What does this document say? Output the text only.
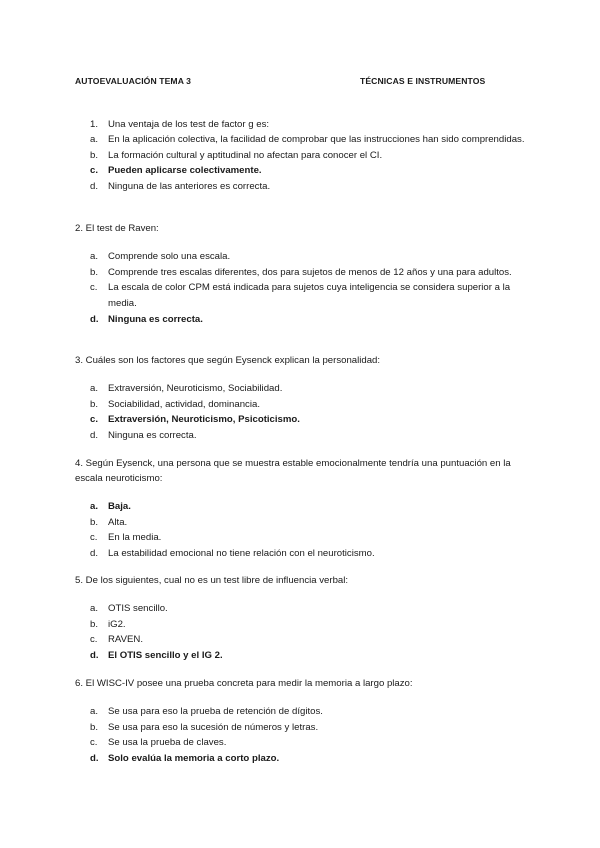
AUTOEVALUACIÓN TEMA 3	TÉCNICAS E INSTRUMENTOS
1. Una ventaja de los test de factor g es:
a. En la aplicación colectiva, la facilidad de comprobar que las instrucciones han sido comprendidas.
b. La formación cultural y aptitudinal no afectan para conocer el CI.
c. Pueden aplicarse colectivamente.
d. Ninguna de las anteriores es correcta.
2. El test de Raven:
a. Comprende solo una escala.
b. Comprende tres escalas diferentes, dos para sujetos de menos de 12 años y una para adultos.
c. La escala de color CPM está indicada para sujetos cuya inteligencia se considera superior a la media.
d. Ninguna es correcta.
3. Cuáles son los factores que según Eysenck explican la personalidad:
a. Extraversión, Neuroticismo, Sociabilidad.
b. Sociabilidad, actividad, dominancia.
c. Extraversión, Neuroticismo, Psicoticismo.
d. Ninguna es correcta.
4. Según Eysenck, una persona que se muestra estable emocionalmente tendría una puntuación en la escala neuroticismo:
a. Baja.
b. Alta.
c. En la media.
d. La estabilidad emocional no tiene relación con el neuroticismo.
5. De los siguientes, cual no es un test libre de influencia verbal:
a. OTIS sencillo.
b. iG2.
c. RAVEN.
d. El OTIS sencillo y el IG 2.
6. El WISC-IV posee una prueba concreta para medir la memoria a largo plazo:
a. Se usa para eso la prueba de retención de dígitos.
b. Se usa para eso la sucesión de números y letras.
c. Se usa la prueba de claves.
d. Solo evalúa la memoria a corto plazo.
